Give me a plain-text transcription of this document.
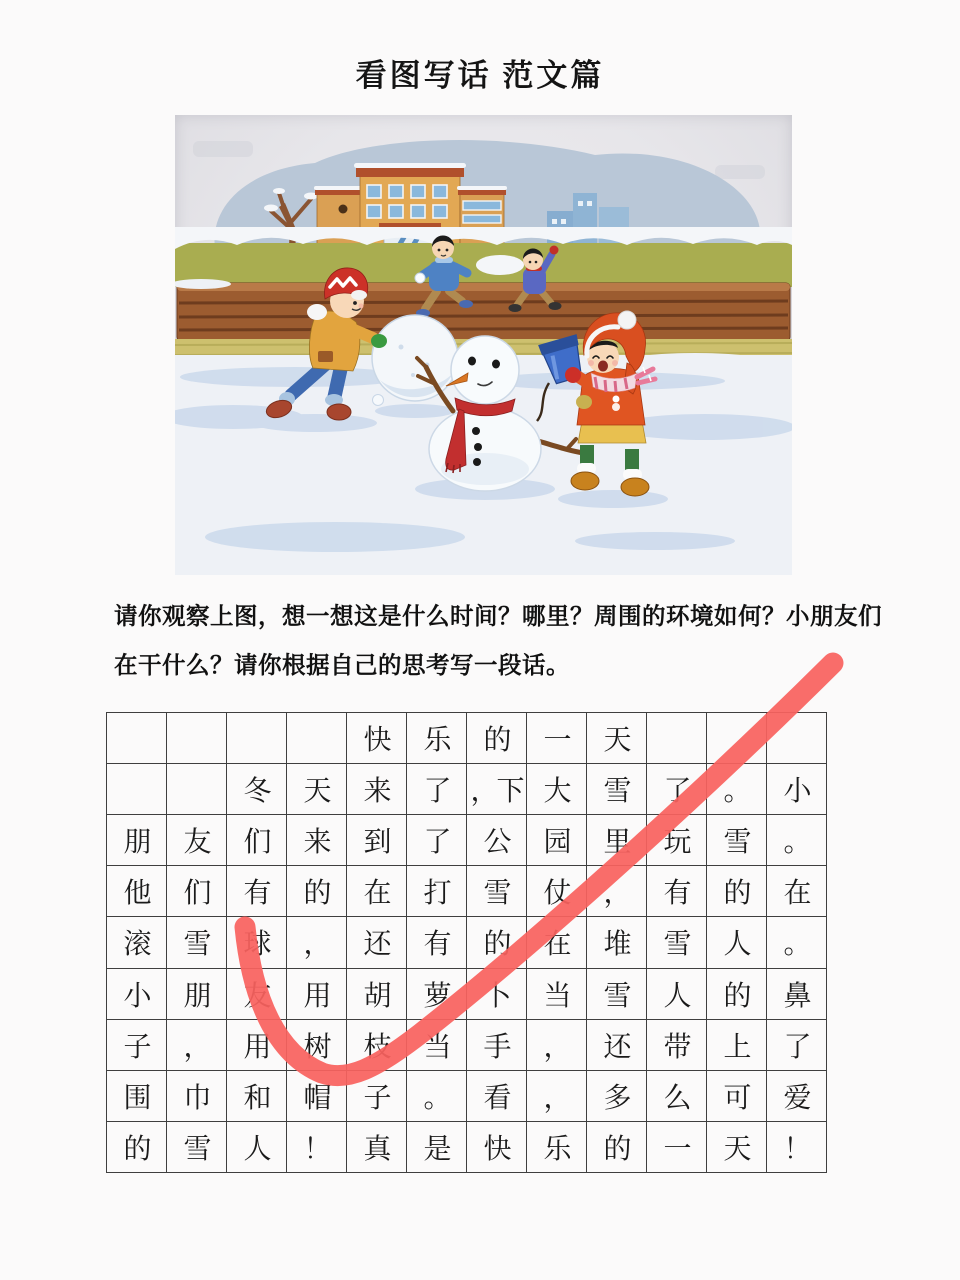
看图写话 范文篇

请你观察上图，想一想这是什么时间？哪里？周围的环境如何？小朋友们

在干什么？请你根据自己的思考写一段话。

				快	乐	的	一	天			
		冬	天	来	了	，下	大	雪	了	。	小
朋	友	们	来	到	了	公	园	里	玩	雪	。
他	们	有	的	在	打	雪	仗	，	有	的	在
滚	雪	球	，	还	有	的	在	堆	雪	人	。
小	朋	友	用	胡	萝	卜	当	雪	人	的	鼻
子	，	用	树	枝	当	手	，	还	带	上	了
围	巾	和	帽	子	。	看	，	多	么	可	爱
的	雪	人	！	真	是	快	乐	的	一	天	！
